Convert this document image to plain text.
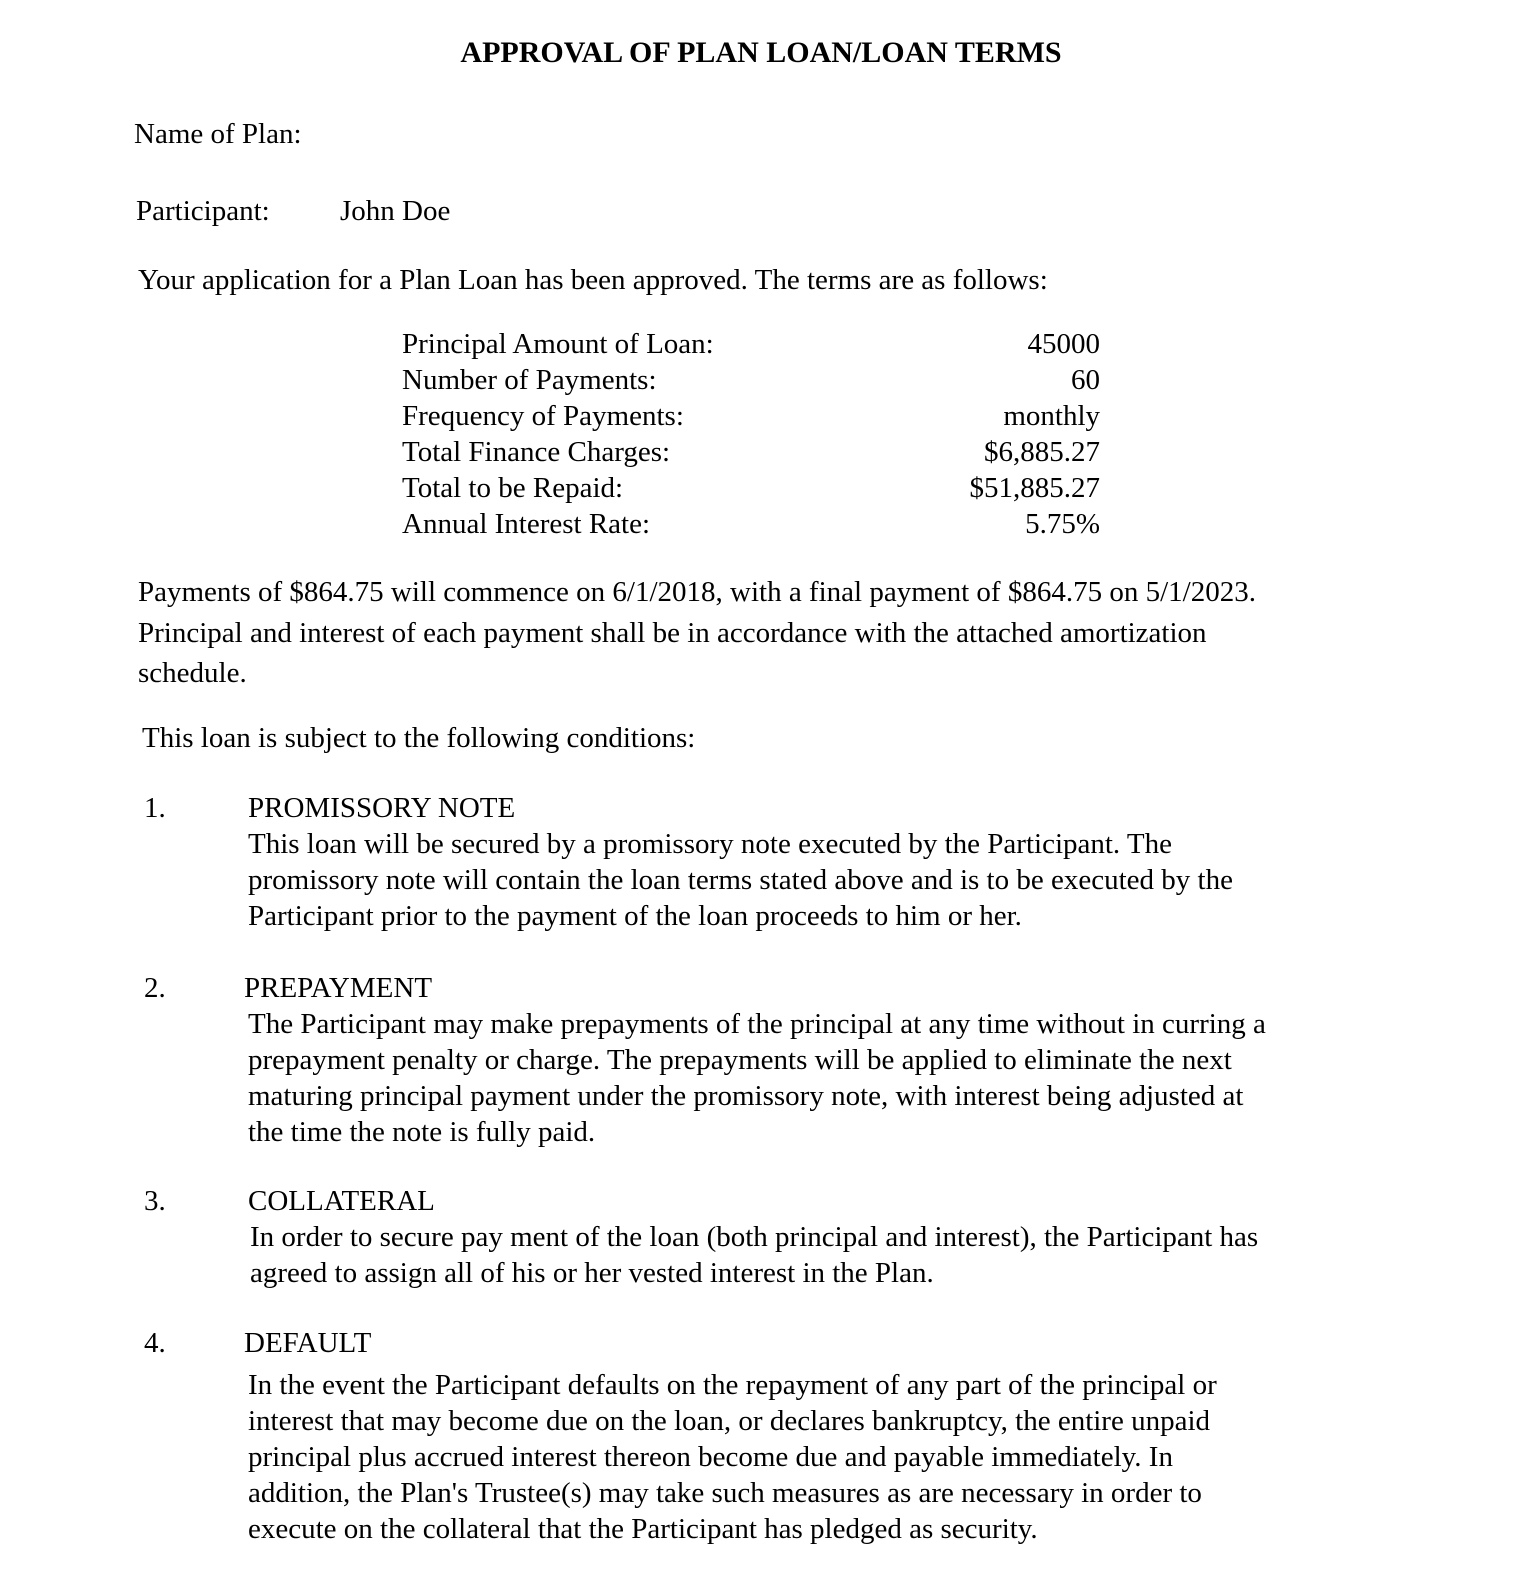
APPROVAL OF PLAN LOAN/LOAN TERMS
Name of Plan:
Participant: John Doe
Your application for a Plan Loan has been approved. The terms are as follows:
Principal Amount of Loan:	45000
Number of Payments:	60
Frequency of Payments:	monthly
Total Finance Charges:	$6,885.27
Total to be Repaid:	$51,885.27
Annual Interest Rate:	5.75%
Payments of $864.75 will commence on 6/1/2018, with a final payment of $864.75 on 5/1/2023.
Principal and interest of each payment shall be in accordance with the attached amortization
schedule.
This loan is subject to the following conditions:
1.	PROMISSORY NOTE
This loan will be secured by a promissory note executed by the Participant. The
promissory note will contain the loan terms stated above and is to be executed by the
Participant prior to the payment of the loan proceeds to him or her.
2.	PREPAYMENT
The Participant may make prepayments of the principal at any time without in curring a
prepayment penalty or charge. The prepayments will be applied to eliminate the next
maturing principal payment under the promissory note, with interest being adjusted at
the time the note is fully paid.
3.	COLLATERAL
In order to secure pay ment of the loan (both principal and interest), the Participant has
agreed to assign all of his or her vested interest in the Plan.
4.	DEFAULT
In the event the Participant defaults on the repayment of any part of the principal or
interest that may become due on the loan, or declares bankruptcy, the entire unpaid
principal plus accrued interest thereon become due and payable immediately. In
addition, the Plan's Trustee(s) may take such measures as are necessary in order to
execute on the collateral that the Participant has pledged as security.
